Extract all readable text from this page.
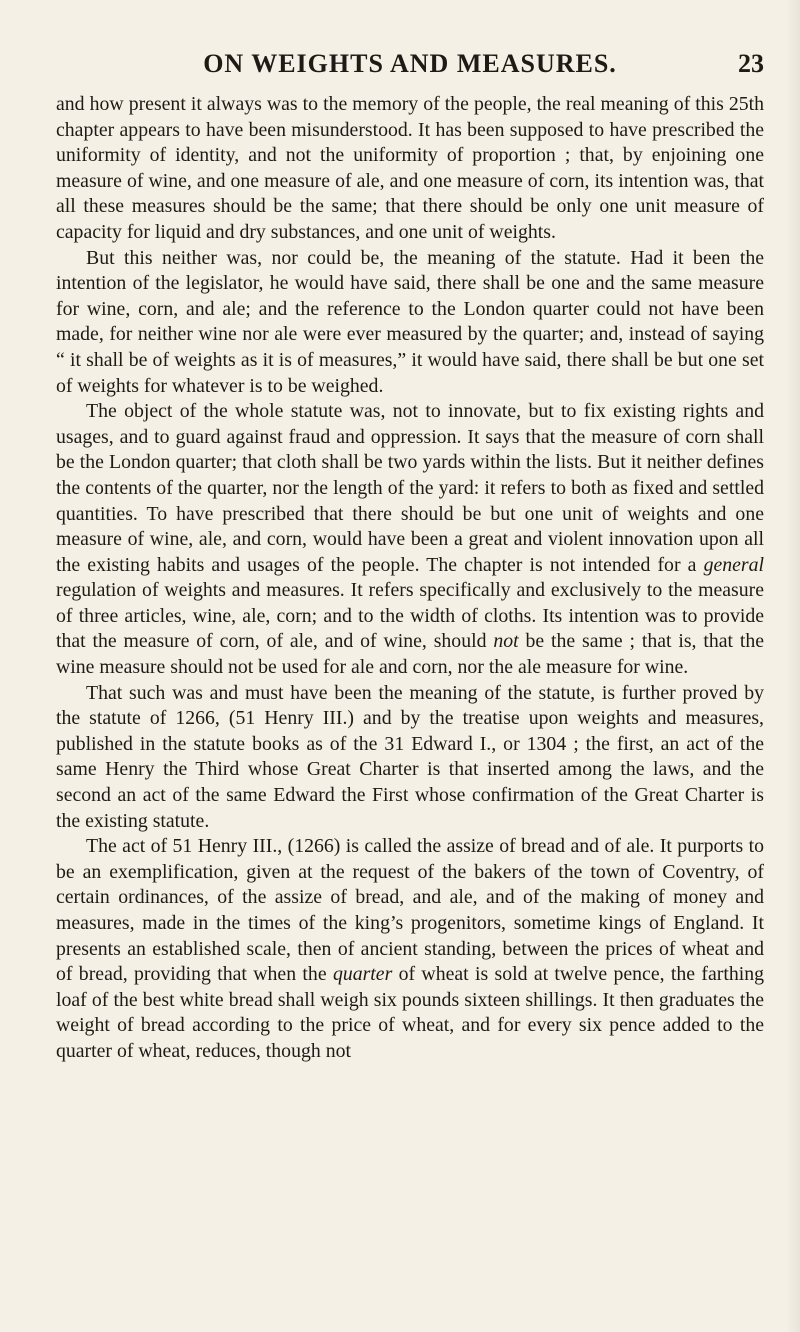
ON WEIGHTS AND MEASURES.	23

and how present it always was to the memory of the people, the real meaning of this 25th chapter appears to have been misunderstood. It has been supposed to have prescribed the uniformity of identity, and not the uniformity of proportion ; that, by enjoining one measure of wine, and one measure of ale, and one measure of corn, its intention was, that all these measures should be the same; that there should be only one unit measure of capacity for liquid and dry substances, and one unit of weights.

But this neither was, nor could be, the meaning of the statute. Had it been the intention of the legislator, he would have said, there shall be one and the same measure for wine, corn, and ale; and the reference to the London quarter could not have been made, for neither wine nor ale were ever measured by the quarter; and, instead of saying “ it shall be of weights as it is of measures,” it would have said, there shall be but one set of weights for whatever is to be weighed.

The object of the whole statute was, not to innovate, but to fix existing rights and usages, and to guard against fraud and oppression. It says that the measure of corn shall be the London quarter; that cloth shall be two yards within the lists. But it neither defines the contents of the quarter, nor the length of the yard: it refers to both as fixed and settled quantities. To have prescribed that there should be but one unit of weights and one measure of wine, ale, and corn, would have been a great and violent innovation upon all the existing habits and usages of the people. The chapter is not intended for a general regulation of weights and measures. It refers specifically and exclusively to the measure of three articles, wine, ale, corn; and to the width of cloths. Its intention was to provide that the measure of corn, of ale, and of wine, should not be the same ; that is, that the wine measure should not be used for ale and corn, nor the ale measure for wine.

That such was and must have been the meaning of the statute, is further proved by the statute of 1266, (51 Henry III.) and by the treatise upon weights and measures, published in the statute books as of the 31 Edward I., or 1304 ; the first, an act of the same Henry the Third whose Great Charter is that inserted among the laws, and the second an act of the same Edward the First whose confirmation of the Great Charter is the existing statute.

The act of 51 Henry III., (1266) is called the assize of bread and of ale. It purports to be an exemplification, given at the request of the bakers of the town of Coventry, of certain ordinances, of the assize of bread, and ale, and of the making of money and measures, made in the times of the king’s progenitors, sometime kings of England. It presents an established scale, then of ancient standing, between the prices of wheat and of bread, providing that when the quarter of wheat is sold at twelve pence, the farthing loaf of the best white bread shall weigh six pounds sixteen shillings. It then graduates the weight of bread according to the price of wheat, and for every six pence added to the quarter of wheat, reduces, though not
